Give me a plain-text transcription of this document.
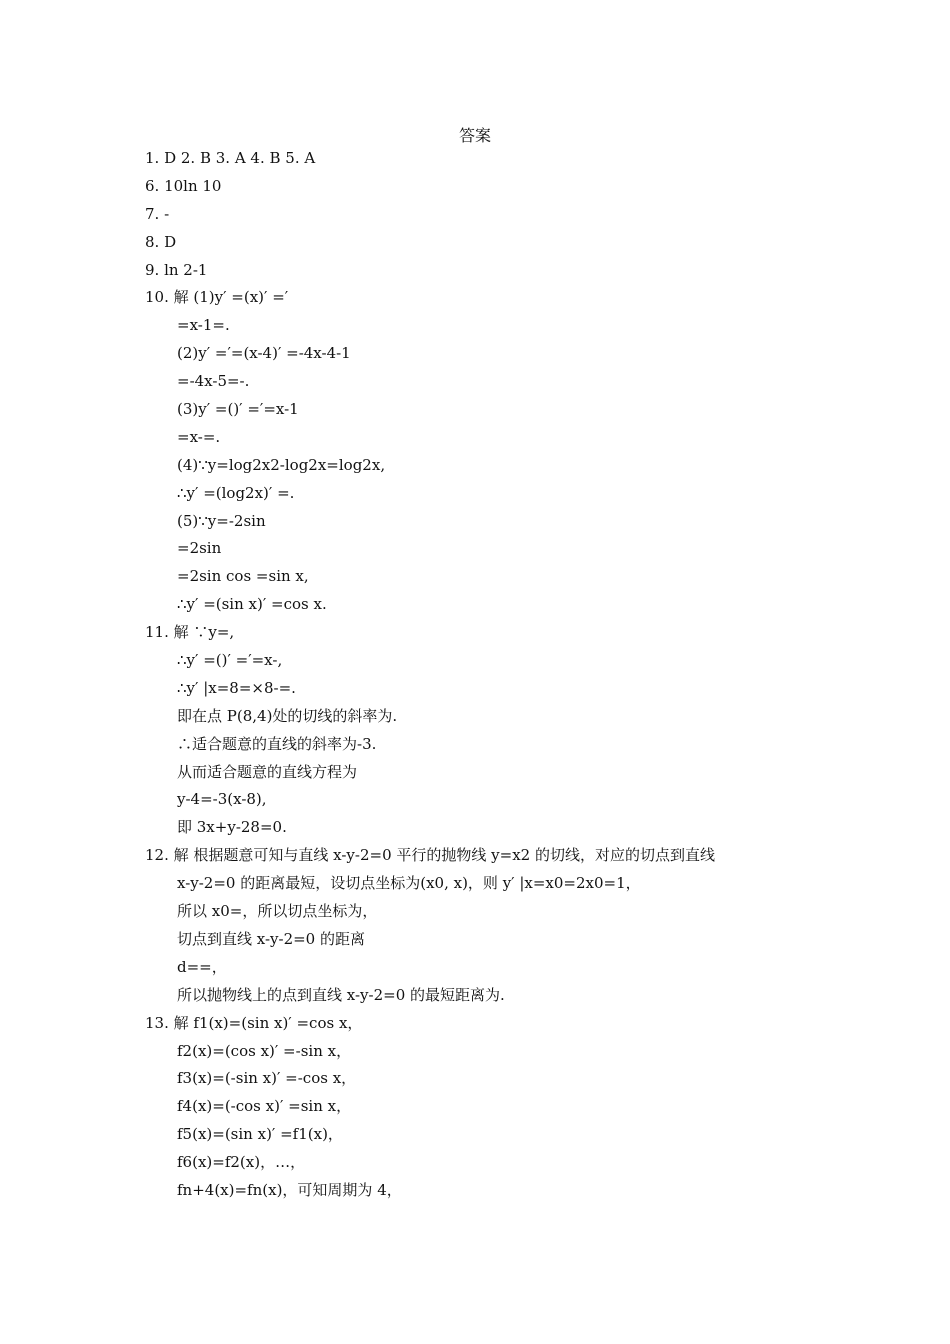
答案
1. D 2. B 3. A 4. B 5. A
6. 10ln 10
7. -
8. D
9. ln 2-1
10. 解 (1)y′ =(x)′ =′
=x-1=.
(2)y′ =′=(x-4)′ =-4x-4-1
=-4x-5=-.
(3)y′ =()′ =′=x-1
=x-=.
(4)∵y=log2x2-log2x=log2x,
∴y′ =(log2x)′ =.
(5)∵y=-2sin
=2sin
=2sin cos =sin x,
∴y′ =(sin x)′ =cos x.
11. 解 ∵y=,
∴y′ =()′ =′=x-,
∴y′ |x=8=×8-=.
即在点 P(8,4)处的切线的斜率为.
∴适合题意的直线的斜率为-3.
从而适合题意的直线方程为
y-4=-3(x-8),
即 3x+y-28=0.
12. 解 根据题意可知与直线 x-y-2=0 平行的抛物线 y=x2 的切线，对应的切点到直线
x-y-2=0 的距离最短，设切点坐标为(x0, x)，则 y′ |x=x0=2x0=1，
所以 x0=，所以切点坐标为，
切点到直线 x-y-2=0 的距离
d==，
所以抛物线上的点到直线 x-y-2=0 的最短距离为.
13. 解 f1(x)=(sin x)′ =cos x，
f2(x)=(cos x)′ =-sin x，
f3(x)=(-sin x)′ =-cos x，
f4(x)=(-cos x)′ =sin x，
f5(x)=(sin x)′ =f1(x)，
f6(x)=f2(x)，…，
fn+4(x)=fn(x)，可知周期为 4，
